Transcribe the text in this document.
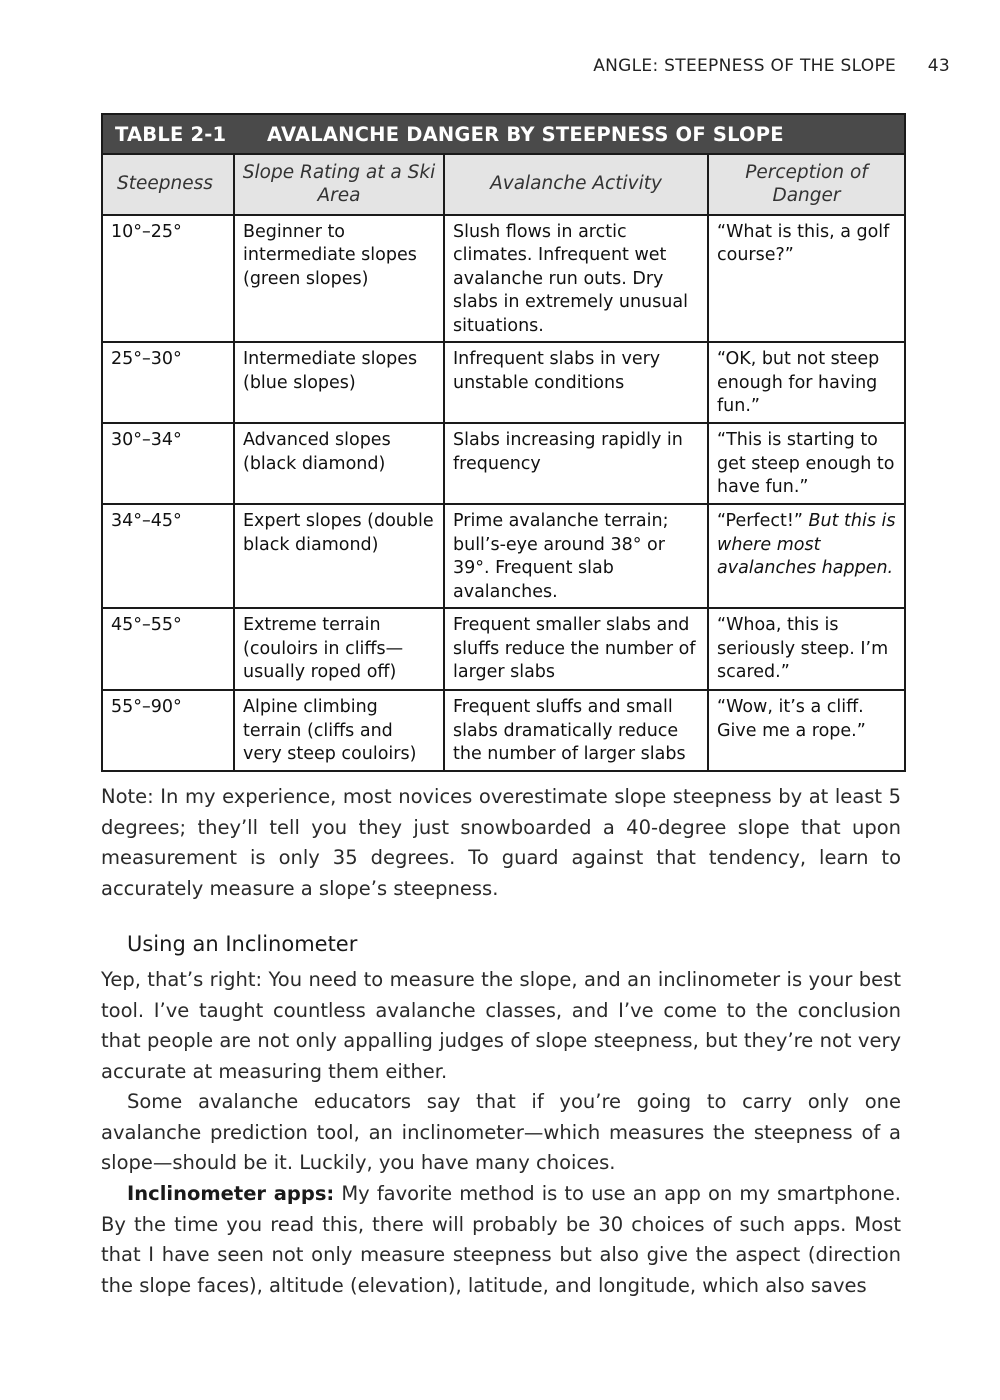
ANGLE: STEEPNESS OF THE SLOPE 43
TABLE 2-1 AVALANCHE DANGER BY STEEPNESS OF SLOPE			
Steepness	Slope Rating at a Ski Area	Avalanche Activity	Perception of Danger
10°–25°	Beginner to intermediate slopes (green slopes)	Slush flows in arctic climates. Infrequent wet avalanche run outs. Dry slabs in extremely unusual situations.	“What is this, a golf course?”
25°–30°	Intermediate slopes (blue slopes)	Infrequent slabs in very unstable conditions	“OK, but not steep enough for having fun.”
30°–34°	Advanced slopes (black diamond)	Slabs increasing rapidly in frequency	“This is starting to get steep enough to have fun.”
34°–45°	Expert slopes (double black diamond)	Prime avalanche terrain; bull’s-eye around 38° or 39°. Frequent slab avalanches.	“Perfect!” But this is where most avalanches happen.
45°–55°	Extreme terrain (couloirs in cliffs—usually roped off)	Frequent smaller slabs and sluffs reduce the number of larger slabs	“Whoa, this is seriously steep. I’m scared.”
55°–90°	Alpine climbing terrain (cliffs and very steep couloirs)	Frequent sluffs and small slabs dramatically reduce the number of larger slabs	“Wow, it’s a cliff. Give me a rope.”

Note: In my experience, most novices overestimate slope steepness by at least 5 degrees; they’ll tell you they just snowboarded a 40-degree slope that upon measurement is only 35 degrees. To guard against that tendency, learn to accurately measure a slope’s steepness.

Using an Inclinometer

Yep, that’s right: You need to measure the slope, and an inclinometer is your best tool. I’ve taught countless avalanche classes, and I’ve come to the conclusion that people are not only appalling judges of slope steepness, but they’re not very accurate at measuring them either.

Some avalanche educators say that if you’re going to carry only one avalanche prediction tool, an inclinometer—which measures the steepness of a slope—should be it. Luckily, you have many choices.

Inclinometer apps: My favorite method is to use an app on my smartphone. By the time you read this, there will probably be 30 choices of such apps. Most that I have seen not only measure steepness but also give the aspect (direction the slope faces), altitude (elevation), latitude, and longitude, which also saves
